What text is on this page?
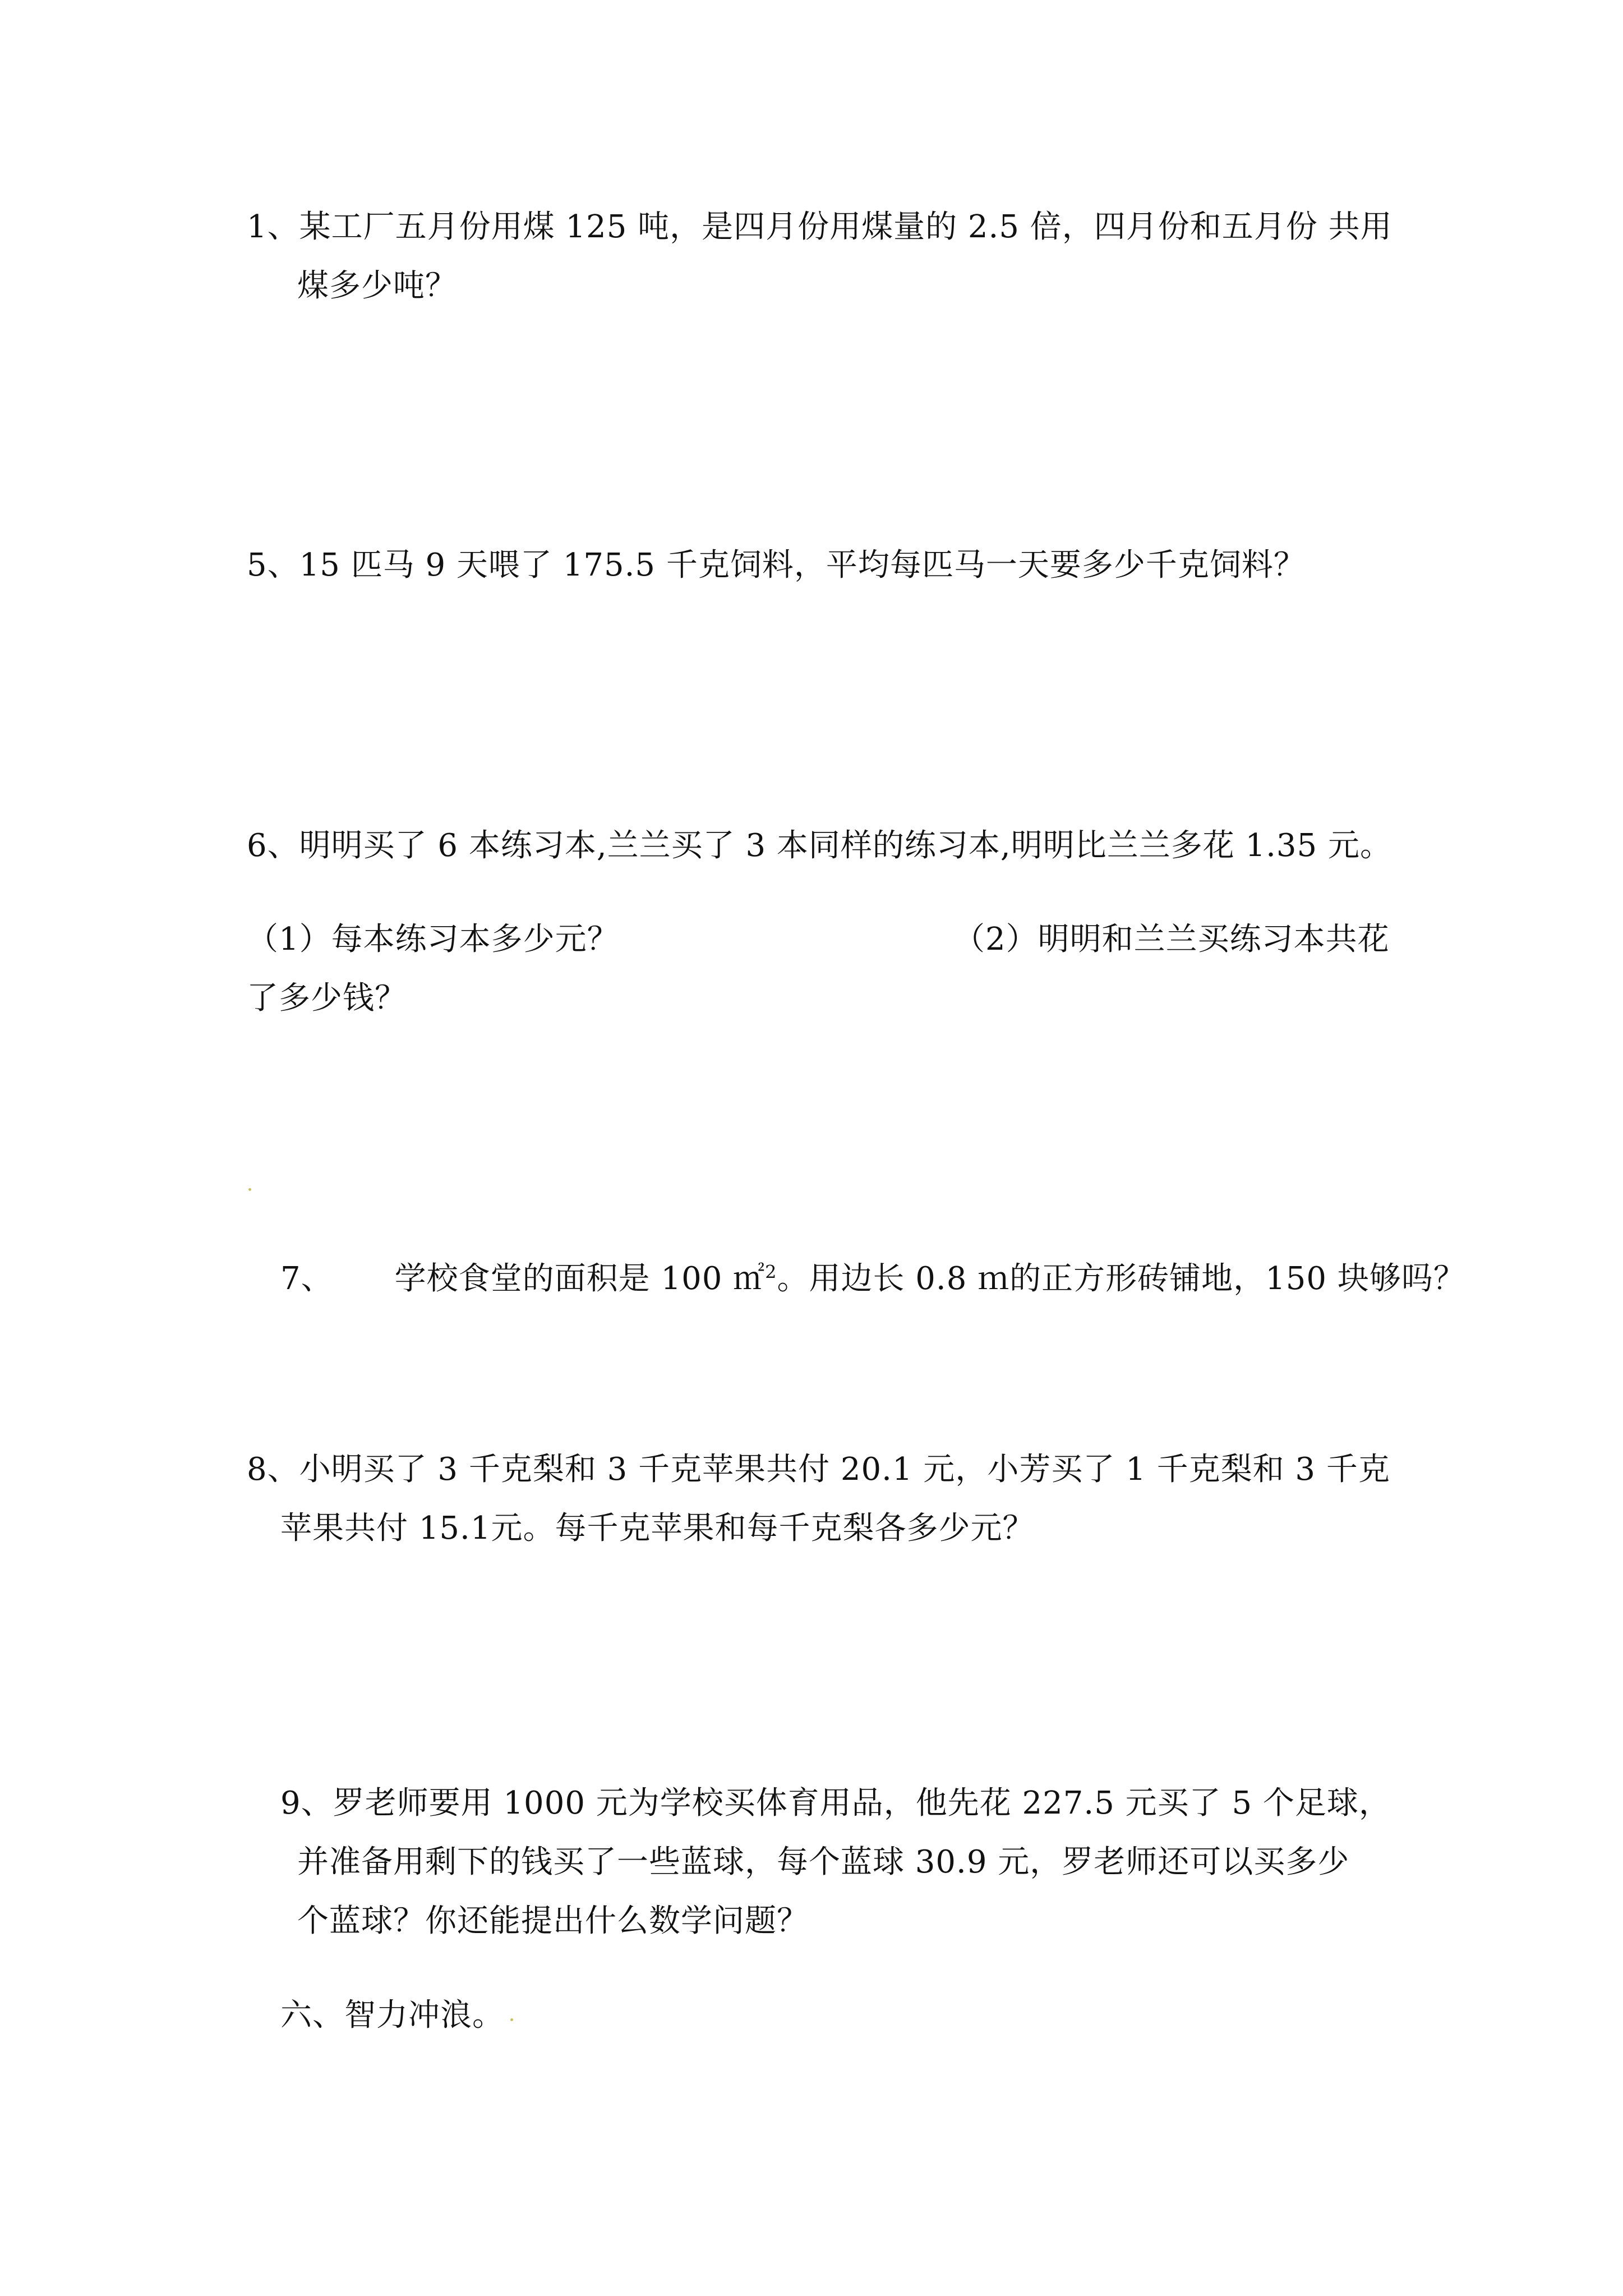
1、某工厂五月份用煤 125 吨，是四月份用煤量的 2.5 倍，四月份和五月份 共用
煤多少吨？
5、15 匹马 9 天喂了 175.5 千克饲料，平均每匹马一天要多少千克饲料？
6、明明买了 6 本练习本,兰兰买了 3 本同样的练习本,明明比兰兰多花 1.35 元。
（1）每本练习本多少元？	（2）明明和兰兰买练习本共花
了多少钱？
7、 学校食堂的面积是 100 ㎡$^2$。用边长 0.8 ｍ的正方形砖铺地，150 块够吗？
8、小明买了 3 千克梨和 3 千克苹果共付 20.1 元，小芳买了 1 千克梨和 3 千克
苹果共付 15.1元。每千克苹果和每千克梨各多少元？
9、罗老师要用 1000 元为学校买体育用品，他先花 227.5 元买了 5 个足球，
并准备用剩下的钱买了一些蓝球，每个蓝球 30.9 元，罗老师还可以买多少
个蓝球？你还能提出什么数学问题？
六、智力冲浪。
